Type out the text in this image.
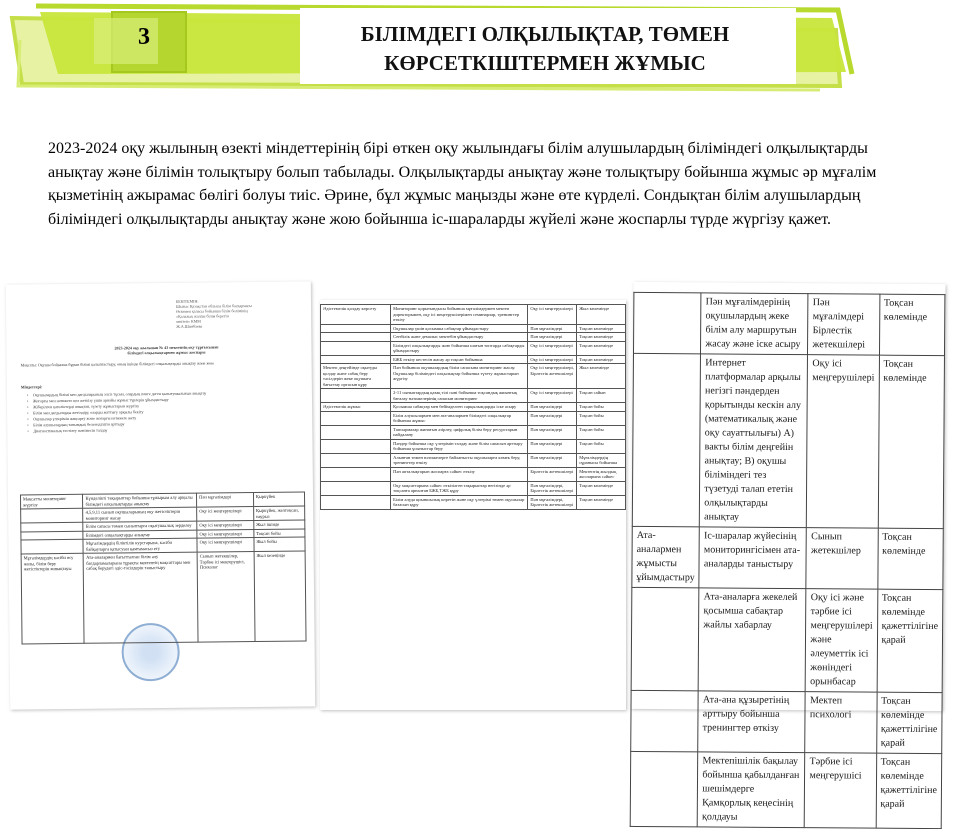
3	БІЛІМДЕГІ ОЛҚЫЛЫҚТАР, ТӨМЕН
КӨРСЕТКІШТЕРМЕН ЖҰМЫС
2023-2024 оқу жылының өзекті міндеттерінің бірі өткен оқу жылындағы білім алушылардың біліміндегі олқылықтарды анықтау және білімін толықтыру болып табылады. Олқылықтарды анықтау және толықтыру бойынша жұмыс әр мұғалім қызметінің ажырамас бөлігі болуы тиіс. Әрине, бұл жұмыс маңызды және өте күрделі. Сондықтан білім алушылардың біліміндегі олқылықтарды анықтау және жою бойынша іс-шараларды жүйелі және жоспарлы түрде жүргізу қажет.
БЕКІТЕМІН:
Шығыс Қазақстан облысы білім басқармасы
Өскемен қаласы бойынша білім бөлімінің
«Қалалық жалпы білім беретін
мектеп» КММ
Ж.А.Шамбаева
2023-2024 оқу жылынан № 43 мектептің оқу тұрғысынан
білімдегі олқылықтармен жұмыс жоспары
Мақсаты: Оқушы бойынша бұрын білімі қалыптастыру, оның ішінде білімдегі олқылықтарды анықтау және жою
Міндеттері:
• Оқушылардың білімі мен дағдыларының әлсіз тұсын, олардың пәнге деген қызығушылығын анықтау
• Жоғарғы мен нәтижеге қол жеткізу үшін арнайы жұмыс түрлерін ұйымдастыру
• Жіберілген қателіктерді анықтап, түзету жұмыстарын жүргізу
• Білім мен дағдыларды жетілдіру, оларды жаттығу арқылы бекіту
• Оқушылар үлгерімін жақсарту және жоғарғы нәтижеге жету
• Білім алушылардың танымдық белсенділігін арттыру
• Диагностикалық тестілеу нәтижесін талдау
Мақсатты мониторинг жүргізу	Күнделікті тақырыптар бойынша тұжырым алу арқылы білімдегі олқылықтарды анықтау	Пән мұғалімдері	Қыркүйек
	4,5,9,11 сынып оқушыларының оқу жетістіктерін мониторинг жасау	Оқу ісі меңгерушілері	Қыркүйек, желтоқсан, наурыз
	Білім сапасы төмен сыныптарға оқытушылық зерделеу	Оқу ісі меңгерушілері	Жыл ішінде
	Білімдегі олқылықтарды анықтау	Оқу ісі меңгерушілері	Тоқсан бойы
	Мұғалімдердің біліктілік курстарына, кәсіби байқауларға қатысуын қамтамасыз ету	Оқу ісі меңгерушілері	Жыл бойы
Мұғалімдердің кәсіби өсу жолы, білім беру жетістіктерін жинақтауы	Ата-аналармен бағытталған білім алу бағдарламаларына тұрақты мектептің мақсаттары мен сабақ берудегі әдіс-тәсілдерін таныстыру	Сынып жетекшілер, Тәрбие ісі меңгерушісі, Психолог	Жыл кезеңінде
Әдістемелік қолдау көрсету	Мониторинг қорытындысы бойынша мұғалімдермен мектеп директорымен, оқу ісі меңгерушілерімен семинарлар, тренингтер өткізу	Оқу ісі меңгерушілері	Жыл көлемінде
	Оқушылар үшін қосымша сабақтар ұйымдастыру	Пән мұғалімдері	Тоқсан көлемінде
	Сенбілік және демалыс мектебін ұйымдастыру	Пән мұғалімдері	Тоқсан көлемінде
	Білімдегі олқылықтарды жою бойынша шағын топтарда сабақтарды ұйымдастыру	Оқу ісі меңгерушілері	Тоқсан көлемінде
	БЖБ өткізу кестесін жасау әр тоқсан бойынша	Оқу ісі меңгерушілері	Тоқсан көлемінде
Мектеп деңгейінде оқытуды қолдау және сабақ беру тәсілдерін жеке оқушыға бағыттау ортасын құру	Пән бойынша оқушылардың білім сапасына мониторинг жасау. Оқушылар біліміндегі олқылықтар бойынша түзету жұмыстарын жүргізу	Оқу ісі меңгерушілері, Бірлестік жетекшілері	Жыл көлемінде
	2-11 сыныптардың қазақ тілі пәні бойынша тоқсандық жиынтық бағалау нәтижелерінің сапасын мониторинг	Оқу ісі меңгерушілері	Тоқсан сайын
Әдістемелік жұмыс	Қосымша сабақтар мен бейімделген сарқылымдарды іске асыру	Пән мұғалімдері	Тоқсан бойы
	Білім алушылармен мен ата-аналармен білімдегі олқылықтар бойынша жұмыс	Пән мұғалімдері	Тоқсан бойы
	Тапсырмалар жинағын әзірлеу, цифрлық білім беру ресурстарын пайдалану	Пән мұғалімдері	Тоқсан бойы
	Пәндер бойынша оқу үлгерімін талдау және білім сапасын арттыру бойынша ұсыныстар беру	Пән мұғалімдері	Тоқсан бойы
	Алынған төмен нәтижелерге байланысты оқушыларға көмек беру, тренингтер өткізу	Пән мұғалімдері	Мұғалімдердің сұранысы бойынша
	Пән апталықтарын жоспарға сәйкес өткізу	Бірлестік жетекшілері	Мектептің жылдық жоспарына сәйкес
	Оқу мақсаттарына сәйкес өткізілген тақырыптар негізінде әр тоқсанға арналған БЖБ,ТЖБ құру	Пән мұғалімдері, Бірлестік жетекшілері	Тоқсан көлемінде
	Білім алуда қиыншылық көретін және оқу үлгерімі төмен оқушылар базасын құру	Пән мұғалімдері, Бірлестік жетекшілері	Тоқсан көлемінде
	Пән мұғалімдерінің оқушылардың жеке білім алу маршрутын жасау және іске асыру	Пән мұғалімдері Бірлестік жетекшілері	Тоқсан көлемінде
	Интернет платформалар арқылы негізгі пәндерден қорытынды кескін алу (математикалық және оқу сауаттылығы) А) вакты білім деңгейін анықтау; В) оқушы біліміндегі тез түзетуді талап ететін олқылықтарды анықтау	Оқу ісі меңгерушілері	Тоқсан көлемінде
Ата-аналармен жұмысты ұйымдастыру	Іс-шаралар жүйесінің мониторингісімен ата-аналарды таныстыру	Сынып жетекшілер	Тоқсан көлемінде
	Ата-аналарға жекелей қосымша сабақтар жайлы хабарлау	Оқу ісі және тәрбие ісі меңгерушілері және әлеуметтік ісі жөніндегі орынбасар	Тоқсан көлемінде қажеттілігіне қарай
	Ата-ана құзыретінің арттыру бойынша тренингтер өткізу	Мектеп психологі	Тоқсан көлемінде қажеттілігіне қарай
	Мектепішілік бақылау бойынша қабылданған шешімдерге Қамқорлық кеңесінің қолдауы	Тәрбие ісі меңгерушісі	Тоқсан көлемінде қажеттілігіне қарай
